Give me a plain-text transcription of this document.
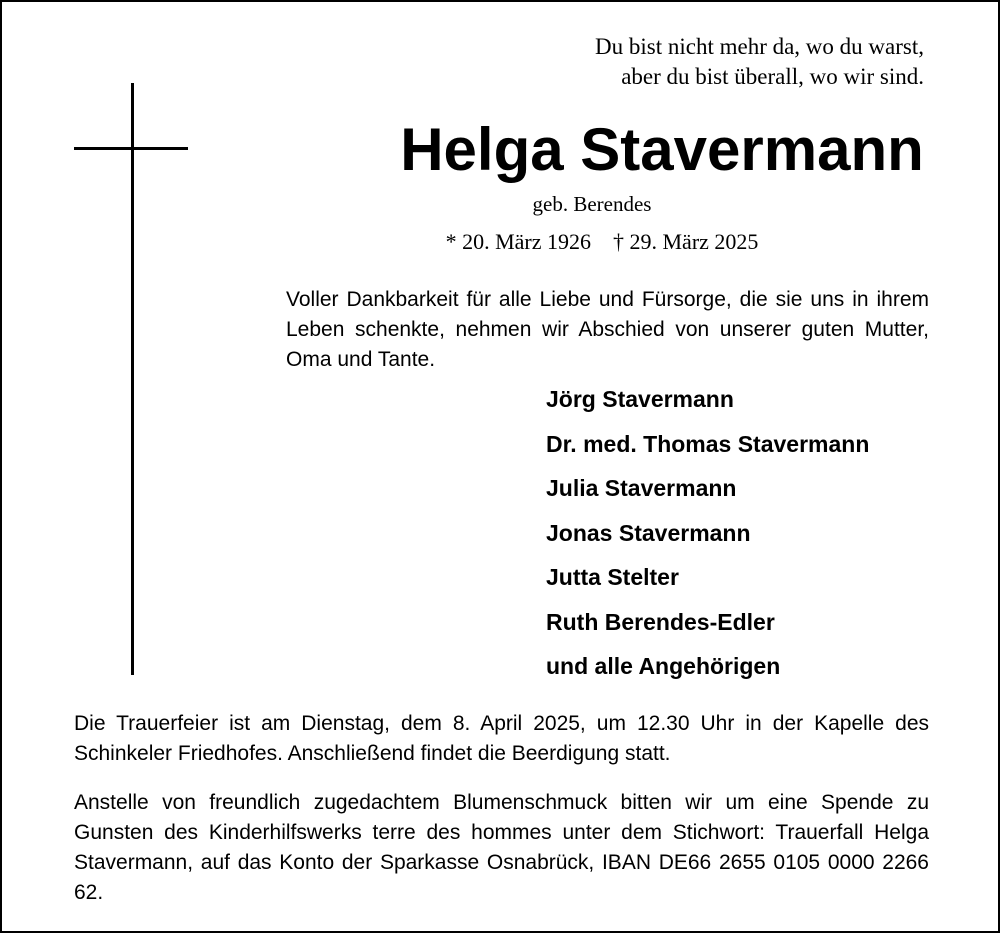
Du bist nicht mehr da, wo du warst,
aber du bist überall, wo wir sind.
Helga Stavermann
geb. Berendes
* 20. März 1926 † 29. März 2025
Voller Dankbarkeit für alle Liebe und Fürsorge, die sie uns in ihrem Leben schenkte, nehmen wir Abschied von unserer guten Mutter, Oma und Tante.
Jörg Stavermann
Dr. med. Thomas Stavermann
Julia Stavermann
Jonas Stavermann
Jutta Stelter
Ruth Berendes-Edler
und alle Angehörigen
Die Trauerfeier ist am Dienstag, dem 8. April 2025, um 12.30 Uhr in der Kapelle des Schinkeler Friedhofes. Anschließend findet die Beerdigung statt.
Anstelle von freundlich zugedachtem Blumenschmuck bitten wir um eine Spende zu Gunsten des Kinderhilfswerks terre des hommes unter dem Stichwort: Trauerfall Helga Stavermann, auf das Konto der Sparkasse Osnabrück, IBAN DE66 2655 0105 0000 2266 62.
